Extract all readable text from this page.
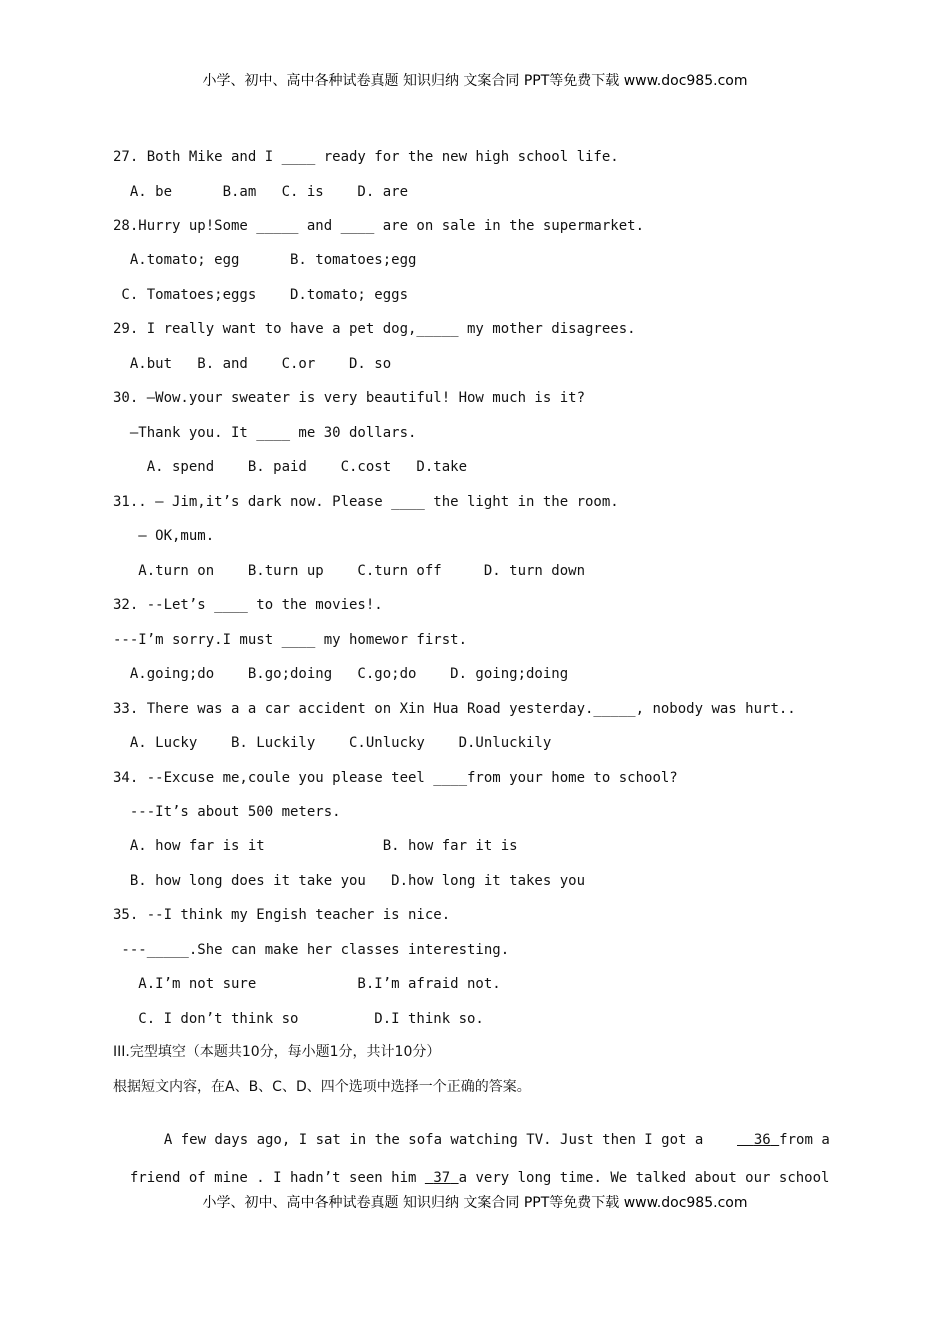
小学、初中、高中各种试卷真题 知识归纳 文案合同 PPT等免费下载 www.doc985.com
27. Both Mike and I ____ ready for the new high school life.
A. be      B.am   C. is    D. are
28.Hurry up!Some _____ and ____ are on sale in the supermarket.
A.tomato; egg      B. tomatoes;egg
C. Tomatoes;eggs    D.tomato; eggs
29. I really want to have a pet dog,_____ my mother disagrees.
A.but   B. and    C.or    D. so
30. —Wow.your sweater is very beautiful! How much is it?
—Thank you. It ____ me 30 dollars.
A. spend    B. paid    C.cost   D.take
31.. — Jim,it’s dark now. Please ____ the light in the room.
— OK,mum.
A.turn on    B.turn up    C.turn off     D. turn down
32. --Let’s ____ to the movies!.
---I’m sorry.I must ____ my homewor first.
A.going;do    B.go;doing   C.go;do    D. going;doing
33. There was a a car accident on Xin Hua Road yesterday._____, nobody was hurt..
A. Lucky    B. Luckily    C.Unlucky    D.Unluckily
34. --Excuse me,coule you please teel ____from your home to school?
---It’s about 500 meters.
A. how far is it              B. how far it is
B. how long does it take you   D.how long it takes you
35. --I think my Engish teacher is nice.
---_____.She can make her classes interesting.
A.I’m not sure            B.I’m afraid not.
C. I don’t think so         D.I think so.
III.完型填空（本题共10分，每小题1分，共计10分）
根据短文内容，在A、B、C、D、四个选项中选择一个正确的答案。

A few days ago, I sat in the sofa watching TV. Just then I got a	36 from a

friend of mine . I hadn’t seen him  37 a very long time. We talked about our school

小学、初中、高中各种试卷真题 知识归纳 文案合同 PPT等免费下载 www.doc985.com
